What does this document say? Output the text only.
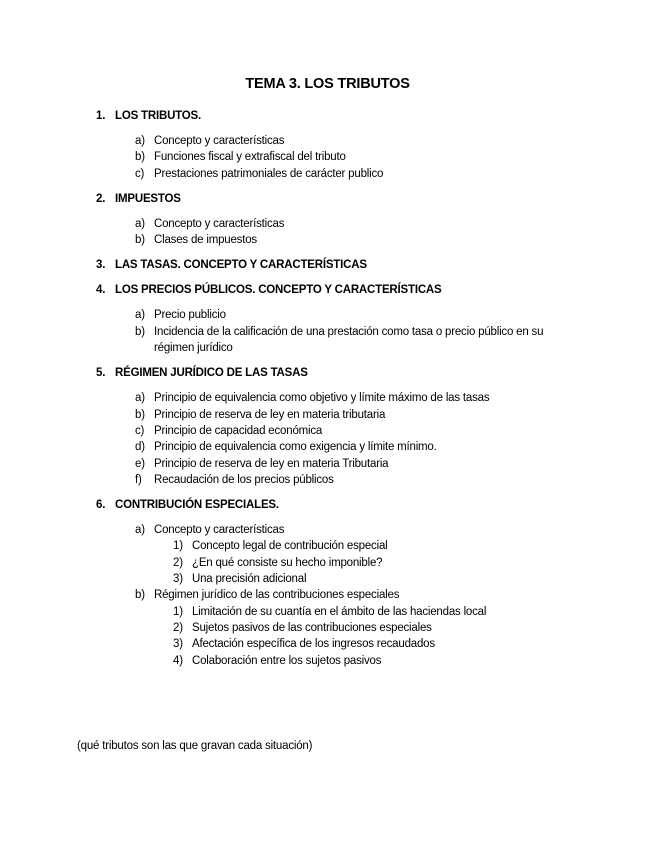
TEMA 3. LOS TRIBUTOS
1. LOS TRIBUTOS.
a) Concepto y características
b) Funciones fiscal y extrafiscal del tributo
c) Prestaciones patrimoniales de carácter publico
2. IMPUESTOS
a) Concepto y características
b) Clases de impuestos
3. LAS TASAS. CONCEPTO Y CARACTERÍSTICAS
4. LOS PRECIOS PÚBLICOS. CONCEPTO Y CARACTERÍSTICAS
a) Precio publicio
b) Incidencia de la calificación de una prestación como tasa o precio público en su régimen jurídico
5. RÉGIMEN JURÍDICO DE LAS TASAS
a) Principio de equivalencia como objetivo y límite máximo de las tasas
b) Principio de reserva de ley en materia tributaria
c) Principio de capacidad económica
d) Principio de equivalencia como exigencia y límite mínimo.
e) Principio de reserva de ley en materia Tributaria
f) Recaudación de los precios públicos
6. CONTRIBUCIÓN ESPECIALES.
a) Concepto y características
1) Concepto legal de contribución especial
2) ¿En qué consiste su hecho imponible?
3) Una precisión adicional
b) Régimen jurídico de las contribuciones especiales
1) Limitación de su cuantía en el ámbito de las haciendas local
2) Sujetos pasivos de las contribuciones especiales
3) Afectación específica de los ingresos recaudados
4) Colaboración entre los sujetos pasivos
(qué tributos son las que gravan cada situación)
